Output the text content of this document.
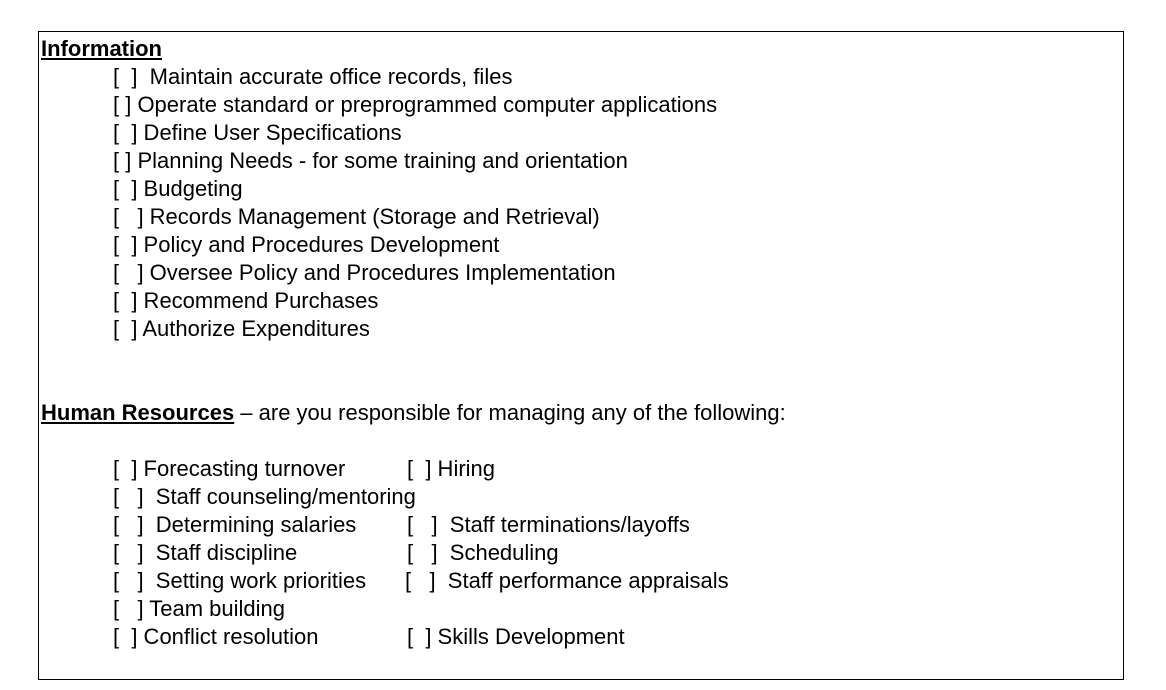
Information
[  ]  Maintain accurate office records, files
[ ] Operate standard or preprogrammed computer applications
[  ] Define User Specifications
[ ] Planning Needs - for some training and orientation
[  ] Budgeting
[   ] Records Management (Storage and Retrieval)
[  ] Policy and Procedures Development
[   ] Oversee Policy and Procedures Implementation
[  ] Recommend Purchases
[  ] Authorize Expenditures
Human Resources – are you responsible for managing any of the following:
[  ] Forecasting turnover	[  ] Hiring
[   ]  Staff counseling/mentoring
[   ]  Determining salaries [   ]  Staff terminations/layoffs
[   ]  Staff discipline	[   ]  Scheduling
[   ]  Setting work priorities [   ]  Staff performance appraisals
[   ] Team building
[  ] Conflict resolution	[  ] Skills Development
